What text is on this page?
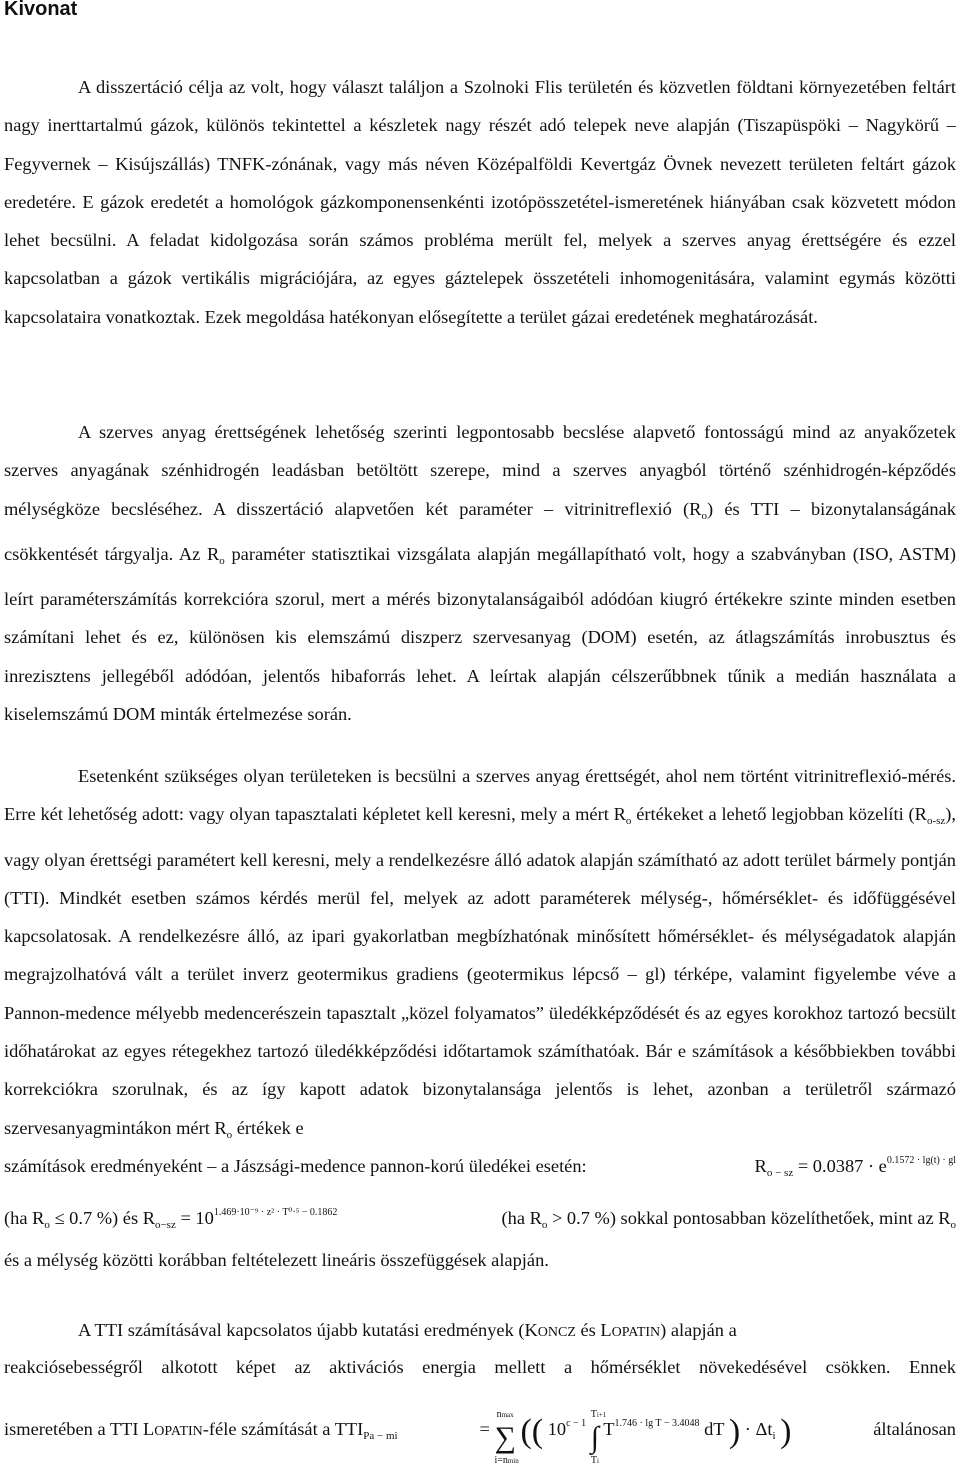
Kivonat

A disszertáció célja az volt, hogy választ találjon a Szolnoki Flis területén és közvetlen földtani környezetében feltárt nagy inerttartalmú gázok, különös tekintettel a készletek nagy részét adó telepek neve alapján (Tiszapüspöki – Nagykörű – Fegyvernek – Kisújszállás) TNFK-zónának, vagy más néven Középalföldi Kevertgáz Övnek nevezett területen feltárt gázok eredetére. E gázok eredetét a homológok gázkomponensenkénti izotópösszetétel-ismeretének hiányában csak közvetett módon lehet becsülni. A feladat kidolgozása során számos probléma merült fel, melyek a szerves anyag érettségére és ezzel kapcsolatban a gázok vertikális migrációjára, az egyes gáztelepek összetételi inhomogenitására, valamint egymás közötti kapcsolataira vonatkoztak. Ezek megoldása hatékonyan elősegítette a terület gázai eredetének meghatározását.

A szerves anyag érettségének lehetőség szerinti legpontosabb becslése alapvető fontosságú mind az anyakőzetek szerves anyagának szénhidrogén leadásban betöltött szerepe, mind a szerves anyagból történő szénhidrogén-képződés mélységköze becsléséhez. A disszertáció alapvetően két paraméter – vitrinitreflexió $(R_o)$ és TTI – bizonytalanságának csökkentését tárgyalja. Az $R_o$ paraméter statisztikai vizsgálata alapján megállapítható volt, hogy a szabványban (ISO, ASTM) leírt paraméterszámítás korrekcióra szorul, mert a mérés bizonytalanságaiból adódóan kiugró értékekre szinte minden esetben számítani lehet és ez, különösen kis elemszámú diszperz szervesanyag (DOM) esetén, az átlagszámítás inrobusztus és inrezisztens jellegéből adódóan, jelentős hibaforrás lehet. A leírtak alapján célszerűbbnek tűnik a medián használata a kiselemszámú DOM minták értelmezése során.

Esetenként szükséges olyan területeken is becsülni a szerves anyag érettségét, ahol nem történt vitrinitreflexió-mérés. Erre két lehetőség adott: vagy olyan tapasztalati képletet kell keresni, mely a mért $R_o$ értékeket a lehető legjobban közelíti $(R_{o-sz})$, vagy olyan érettségi paramétert kell keresni, mely a rendelkezésre álló adatok alapján számítható az adott terület bármely pontján (TTI). Mindkét esetben számos kérdés merül fel, melyek az adott paraméterek mélység-, hőmérséklet- és időfüggésével kapcsolatosak. A rendelkezésre álló, az ipari gyakorlatban megbízhatónak minősített hőmérséklet- és mélységadatok alapján megrajzolhatóvá vált a terület inverz geotermikus gradiens (geotermikus lépcső – gl) térképe, valamint figyelembe véve a Pannon-medence mélyebb medencerészein tapasztalt „közel folyamatos” üledékképződését és az egyes korokhoz tartozó becsült időhatárokat az egyes rétegekhez tartozó üledékképződési időtartamok számíthatóak. Bár e számítások a későbbiekben további korrekciókra szorulnak, és az így kapott adatok bizonytalansága jelentős is lehet, azonban a területről származó szervesanyagmintákon mért $R_o$ értékek e

számítások eredményeként – a Jászsági-medence pannon-korú üledékei esetén:	$R_{o - sz} = 0.0387 \cdot e^{0.1572 \cdot lg(t) \cdot gl}$
(ha $R_o \le 0.7$ %) és $R_{o-sz} = 10^{1.469\cdot 10^{-9} \cdot z^2 \cdot T^0\cdot^5 - 0.1862}$	(ha $R_o > 0.7$ %) sokkal pontosabban közelíthetőek, mint az $R_o$
és a mélység közötti korábban feltételezett lineáris összefüggések alapján.
A TTI számításával kapcsolatos újabb kutatási eredmények (KONCZ és LOPATIN) alapján a
reakciósebességről alkotott képet az aktivációs energia mellett a hőmérséklet növekedésével csökken. Ennek
ismeretében a TTI LOPATIN-féle számítását a $TTI_{Pa - mi}$	=
nmax
∑
i=nmin
(( $10^{c - 1}$
Ti+1
∫
Ti
$T^{1.746 \cdot lg T - 3.4048}$ dT ) · $\Delta t_i$ )	általánosan
